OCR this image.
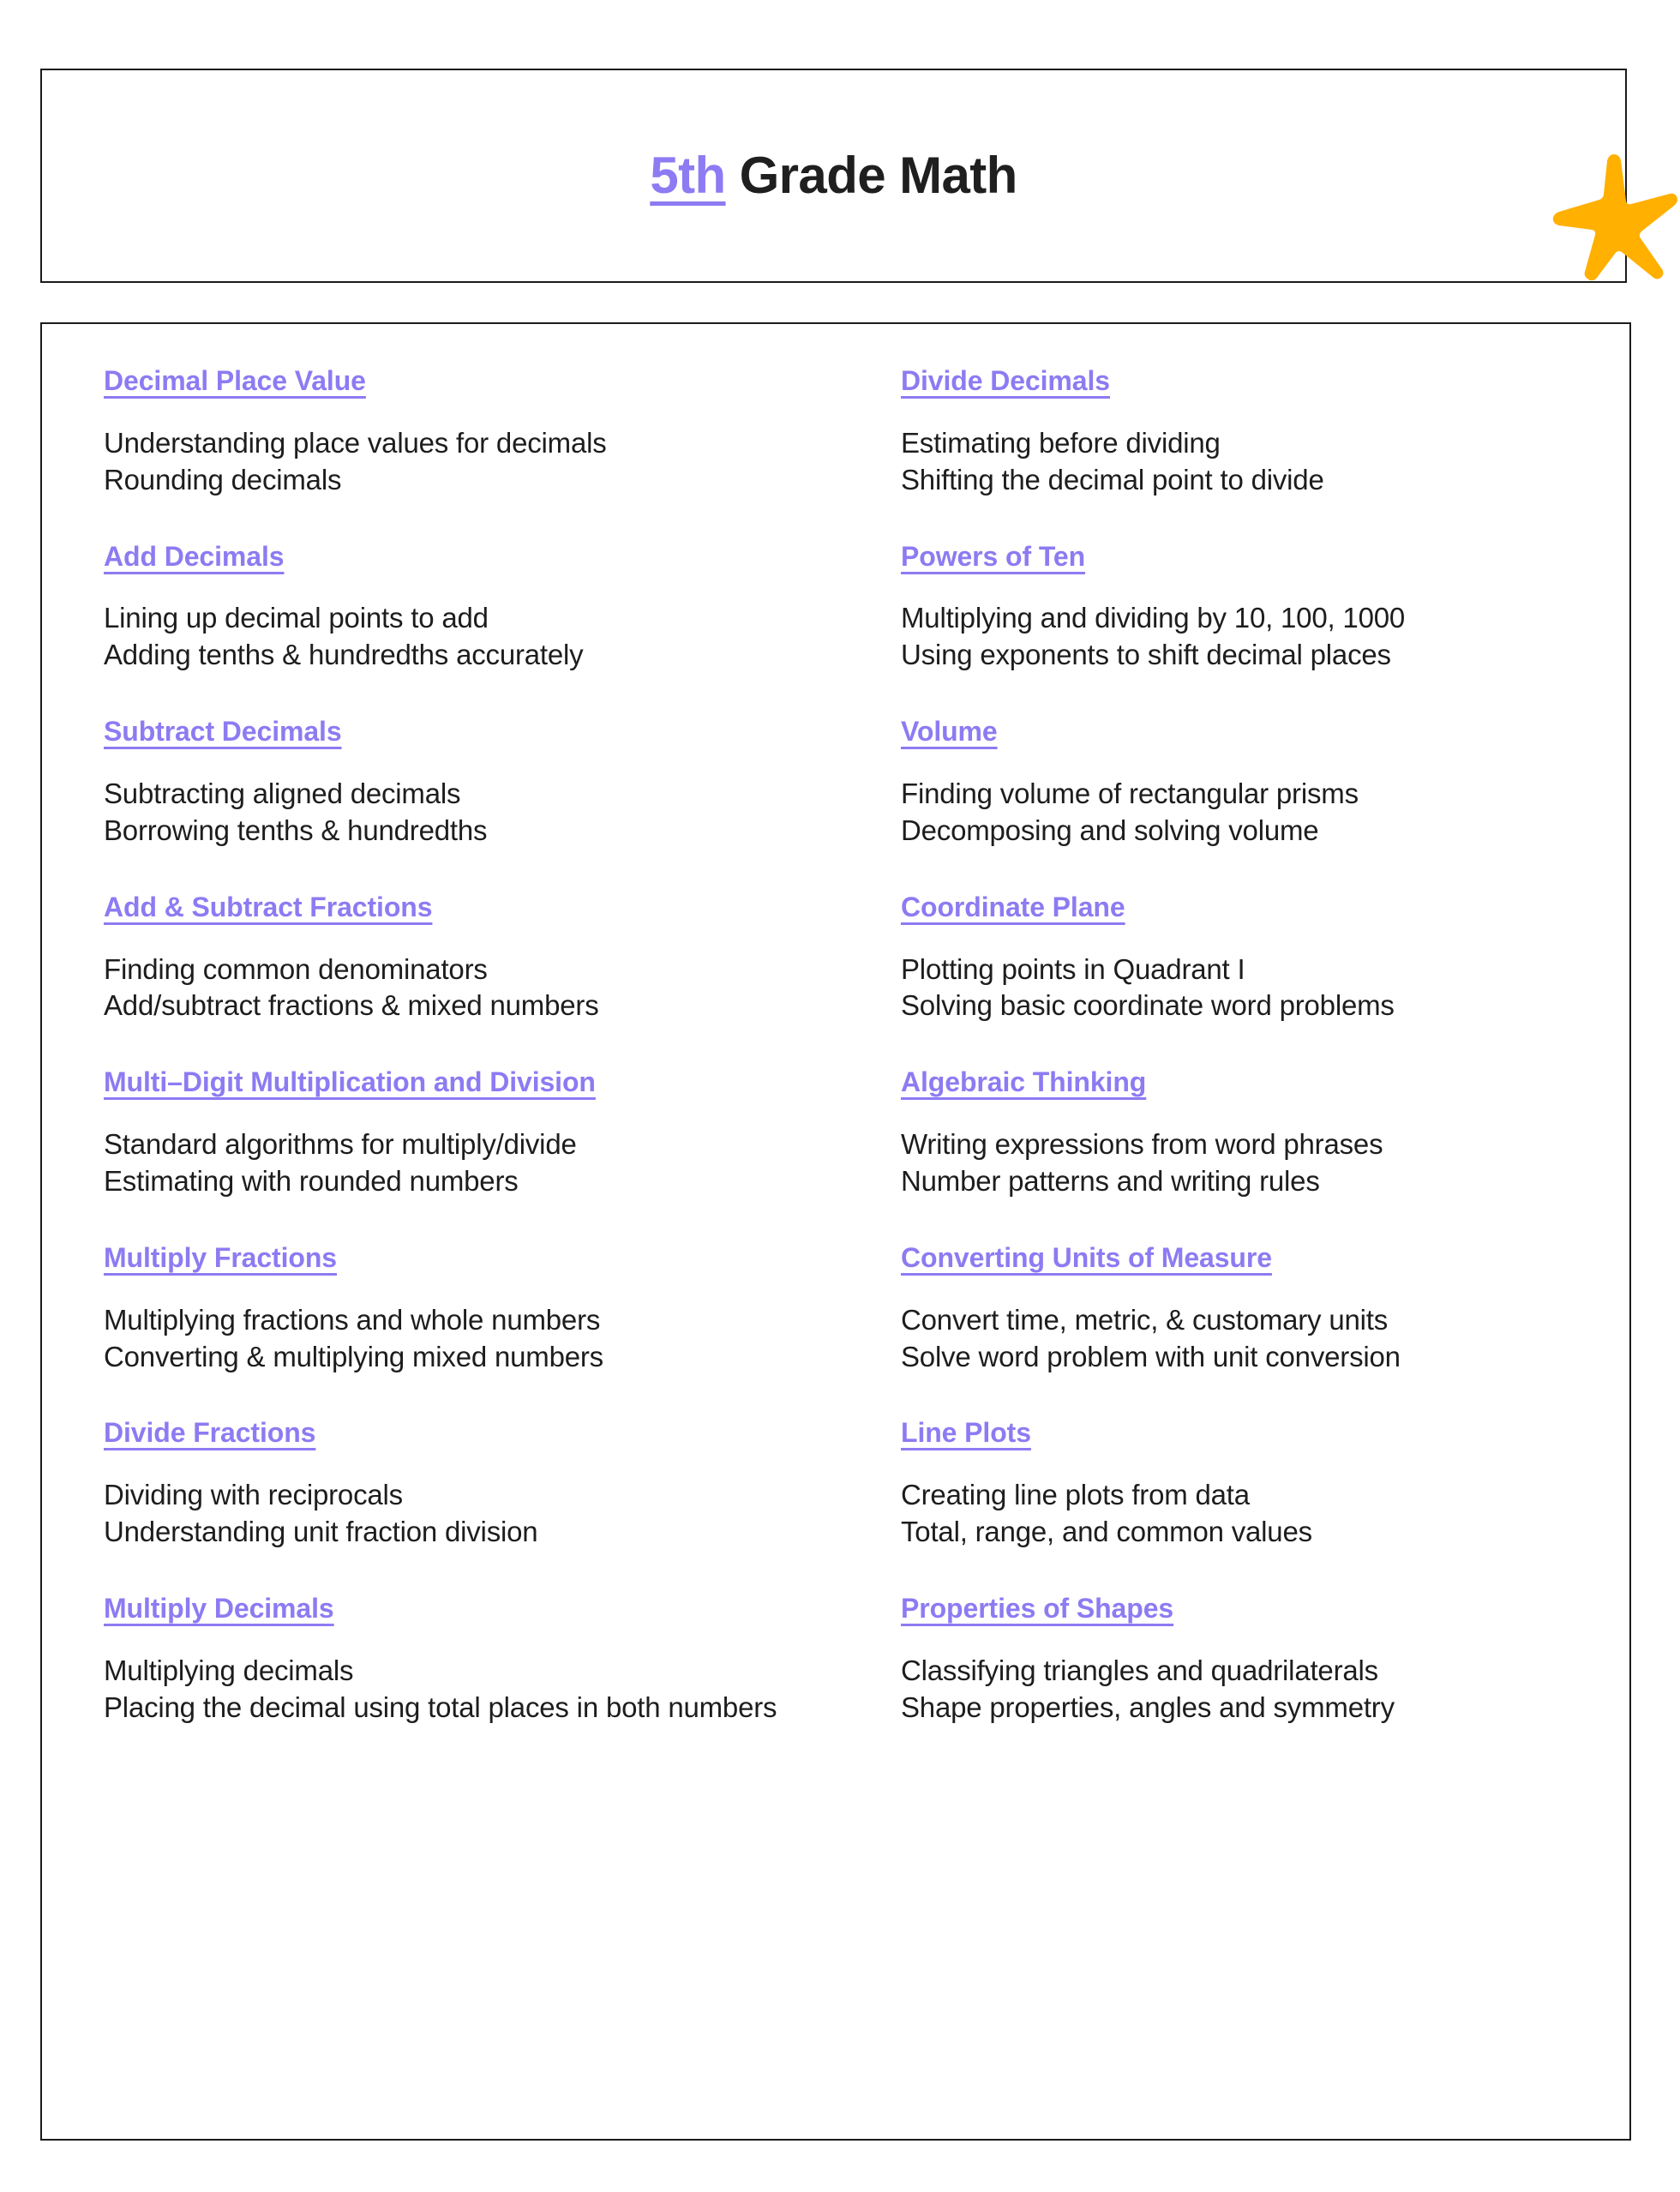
5th Grade Math
Decimal Place Value

Understanding place values for decimals

Rounding decimals

Add Decimals

Lining up decimal points to add

Adding tenths & hundredths accurately

Subtract Decimals

Subtracting aligned decimals

Borrowing tenths & hundredths

Add & Subtract Fractions

Finding common denominators

Add/subtract fractions & mixed numbers

Multi–Digit Multiplication and Division

Standard algorithms for multiply/divide

Estimating with rounded numbers

Multiply Fractions

Multiplying fractions and whole numbers

Converting & multiplying mixed numbers

Divide Fractions

Dividing with reciprocals

Understanding unit fraction division

Multiply Decimals

Multiplying decimals

Placing the decimal using total places in both numbers

Divide Decimals

Estimating before dividing

Shifting the decimal point to divide

Powers of Ten

Multiplying and dividing by 10, 100, 1000

Using exponents to shift decimal places

Volume

Finding volume of rectangular prisms

Decomposing and solving volume

Coordinate Plane

Plotting points in Quadrant I

Solving basic coordinate word problems

Algebraic Thinking

Writing expressions from word phrases

Number patterns and writing rules

Converting Units of Measure

Convert time, metric, & customary units

Solve word problem with unit conversion

Line Plots

Creating line plots from data

Total, range, and common values

Properties of Shapes

Classifying triangles and quadrilaterals

Shape properties, angles and symmetry
